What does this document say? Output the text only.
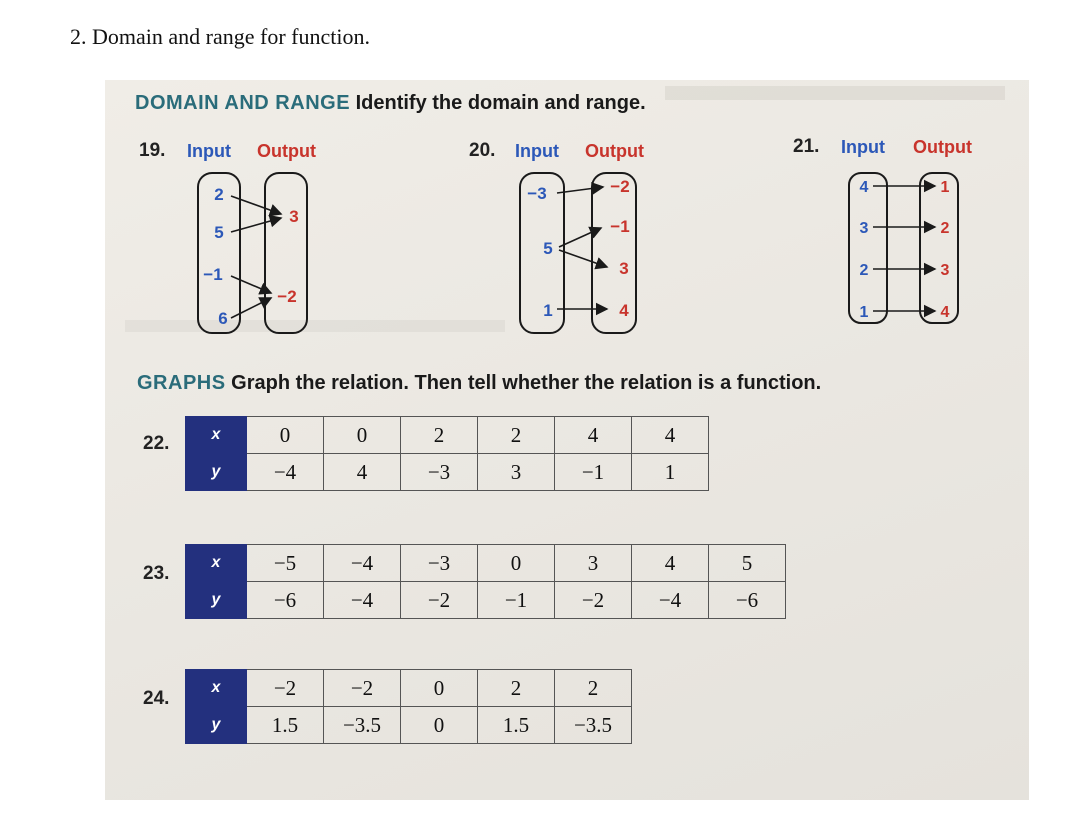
2. Domain and range for function.
DOMAIN AND RANGE Identify the domain and range.
19. Input Output	20. Input Output	21. Input Output
2
5
−1
6
3
−2
−3
5
1
−2
−1
3
4
4
3
2
1
1
2
3
4
GRAPHS Graph the relation. Then tell whether the relation is a function.
22.	x	0	0	2	2	4	4
y	−4	4	−3	3	−1	1
23.
x	−5	−4	−3	0	3	4	5
y	−6	−4	−2	−1	−2	−4	−6
24.
x	−2	−2	0	2	2
y	1.5	−3.5	0	1.5	−3.5
